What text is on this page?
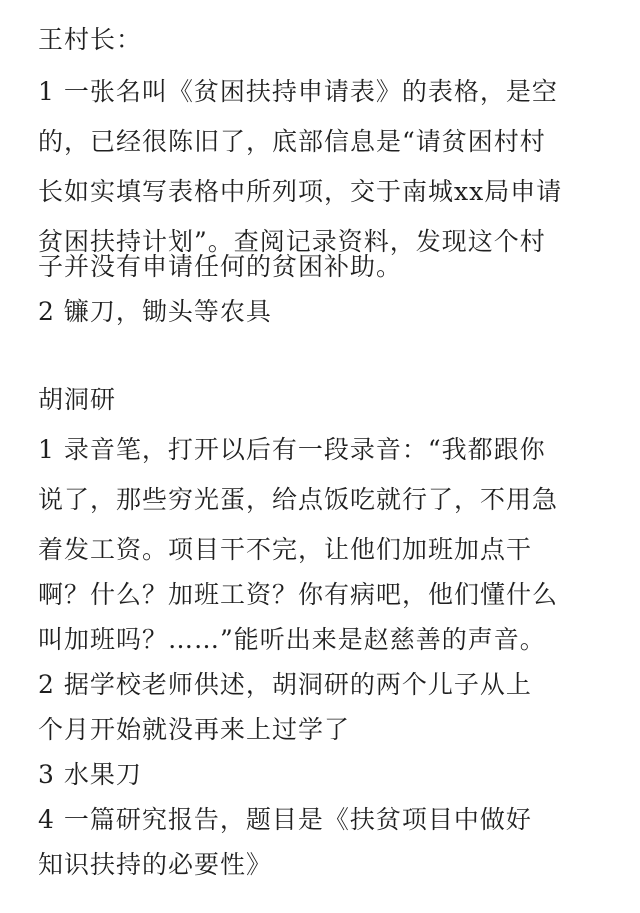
王村长：
1 一张名叫《贫困扶持申请表》的表格，是空
的，已经很陈旧了，底部信息是“请贫困村村
长如实填写表格中所列项，交于南城xx局申请
贫困扶持计划”。查阅记录资料，发现这个村
子并没有申请任何的贫困补助。
2 镰刀，锄头等农具
胡洞研
1 录音笔，打开以后有一段录音：“我都跟你
说了，那些穷光蛋，给点饭吃就行了，不用急
着发工资。项目干不完，让他们加班加点干
啊？什么？加班工资？你有病吧，他们懂什么
叫加班吗？……”能听出来是赵慈善的声音。
2 据学校老师供述，胡洞研的两个儿子从上
个月开始就没再来上过学了
3 水果刀
4 一篇研究报告，题目是《扶贫项目中做好
知识扶持的必要性》
